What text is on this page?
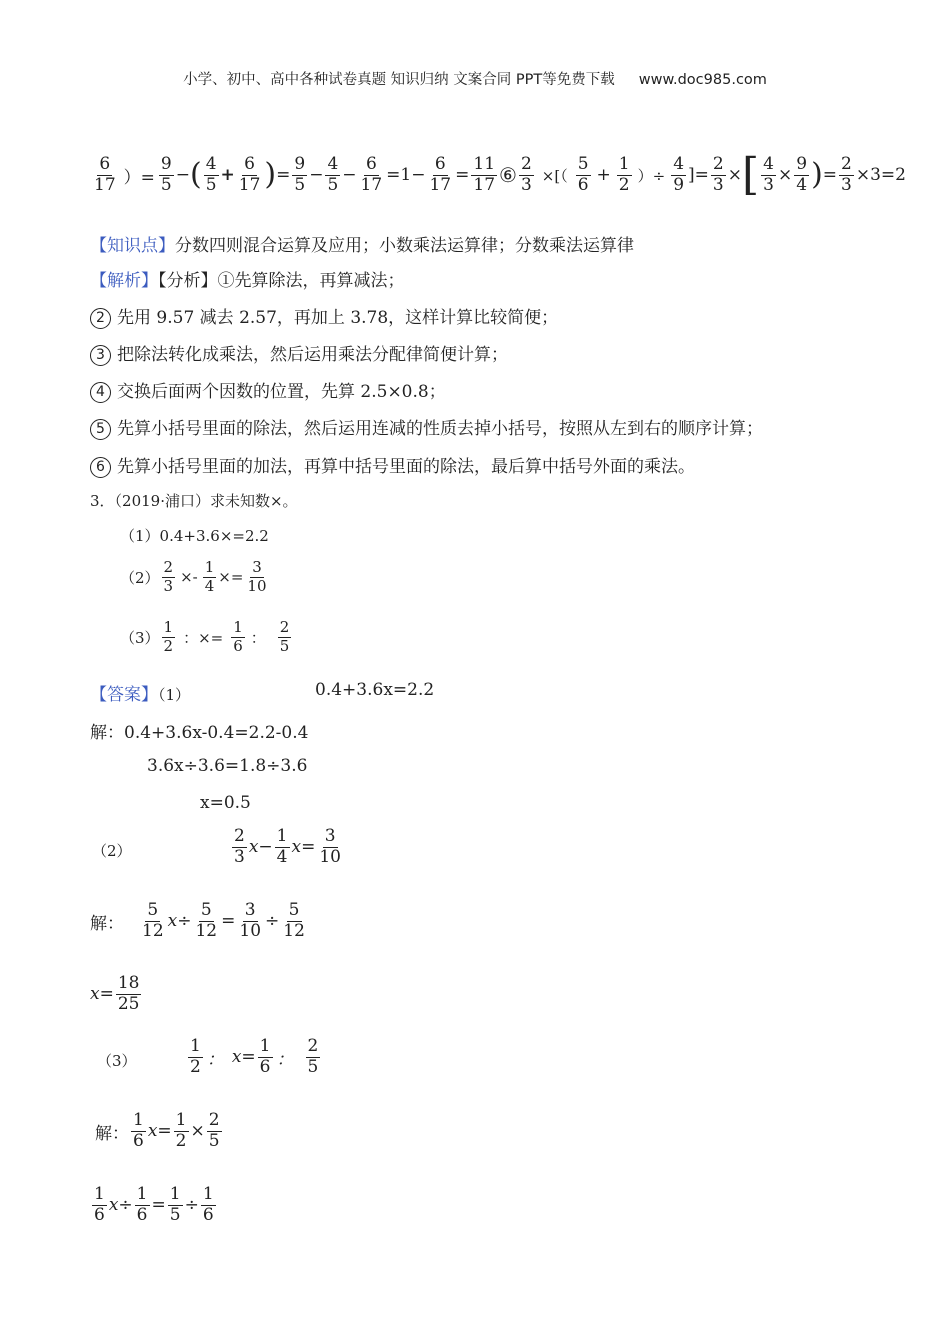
小学、初中、高中各种试卷真题 知识归纳 文案合同 PPT等免费下载 www.doc985.com
$\frac{6}{17}$ ）= $\frac{9}{5}$ − ( $\frac{4}{5} + \frac{6}{17}$ ) = $\frac{9}{5} - \frac{4}{5} - \frac{6}{17} =1- \frac{6}{17} = \frac{11}{17}$ ⑥ $\frac{2}{3}$ ×[（ $\frac{5}{6} + \frac{1}{2}$ ）÷ $\frac{4}{9}$ ]= $\frac{2}{3}$ × [ $\frac{4}{3} \times \frac{9}{4}$ ) = $\frac{2}{3} \times 3=2$
【知识点】分数四则混合运算及应用；小数乘法运算律；分数乘法运算律
【解析】【分析】①先算除法，再算减法；
2 先用 9.57 减去 2.57，再加上 3.78，这样计算比较简便；
3 把除法转化成乘法，然后运用乘法分配律简便计算；
4 交换后面两个因数的位置，先算 2.5×0.8；
5 先算小括号里面的除法，然后运用连减的性质去掉小括号，按照从左到右的顺序计算；
6 先算小括号里面的加法，再算中括号里面的除法，最后算中括号外面的乘法。
3．（2019·浦口）求未知数×。
（1）0.4+3.6×=2.2
$(2) \frac{2}{3} \times- \frac{1}{4} \times= \frac{3}{10}$
$(3) \frac{1}{2}$ ：×= $\frac{1}{6}$ ： $\frac{2}{5}$
【答案】（1）	0.4+3.6x=2.2
解：0.4+3.6x-0.4=2.2-0.4
3.6x÷3.6=1.8÷3.6
x=0.5
（2）	$\frac{2}{3}$ $x - \frac{1}{4}$ $x = \frac{3}{10}$
解： $\frac{5}{12}$ $x \div \frac{5}{12} = \frac{3}{10} \div \frac{5}{12}$
$x = \frac{18}{25}$
（3）	$\frac{1}{2}$ ： $x = \frac{1}{6}$ ： $\frac{2}{5}$
解： $\frac{1}{6}$ $x = \frac{1}{2} \times \frac{2}{5}$
$\frac{1}{6}$ $x \div \frac{1}{6} = \frac{1}{5} \div \frac{1}{6}$
